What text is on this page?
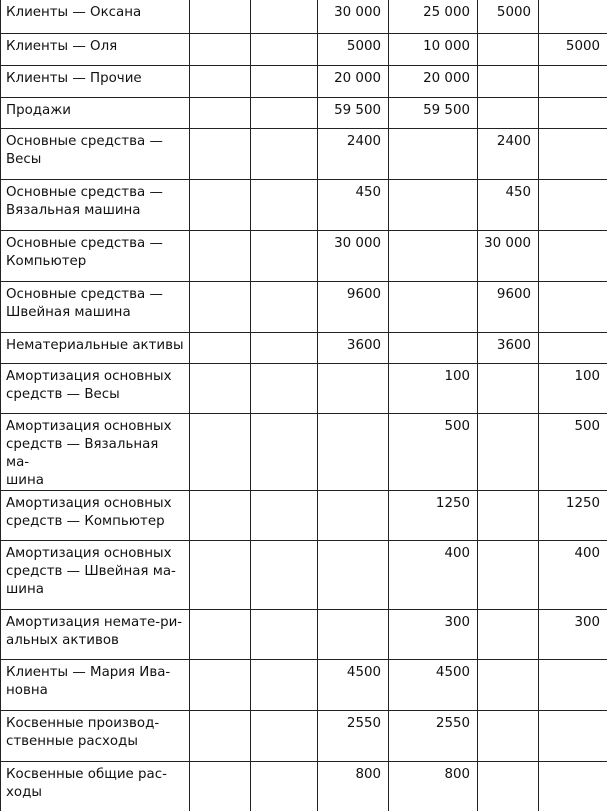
Клиенты — Оксана			30 000	25 000	5000	
Клиенты — Оля			5000	10 000		5000
Клиенты — Прочие			20 000	20 000		
Продажи			59 500	59 500		
Основные средства —
Весы			2400		2400	
Основные средства —
Вязальная машина			450		450	
Основные средства —
Компьютер			30 000		30 000	
Основные средства —
Швейная машина			9600		9600	
Нематериальные активы			3600		3600	
Амортизация основных
средств — Весы				100		100
Амортизация основных
средств — Вязальная ма-
шина				500		500
Амортизация основных
средств — Компьютер				1250		1250
Амортизация основных
средств — Швейная ма-
шина				400		400
Амортизация немате-ри-
альных активов				300		300
Клиенты — Мария Ива-
новна			4500	4500		
Косвенные производ-
ственные расходы			2550	2550		
Косвенные общие рас-
ходы			800	800		
